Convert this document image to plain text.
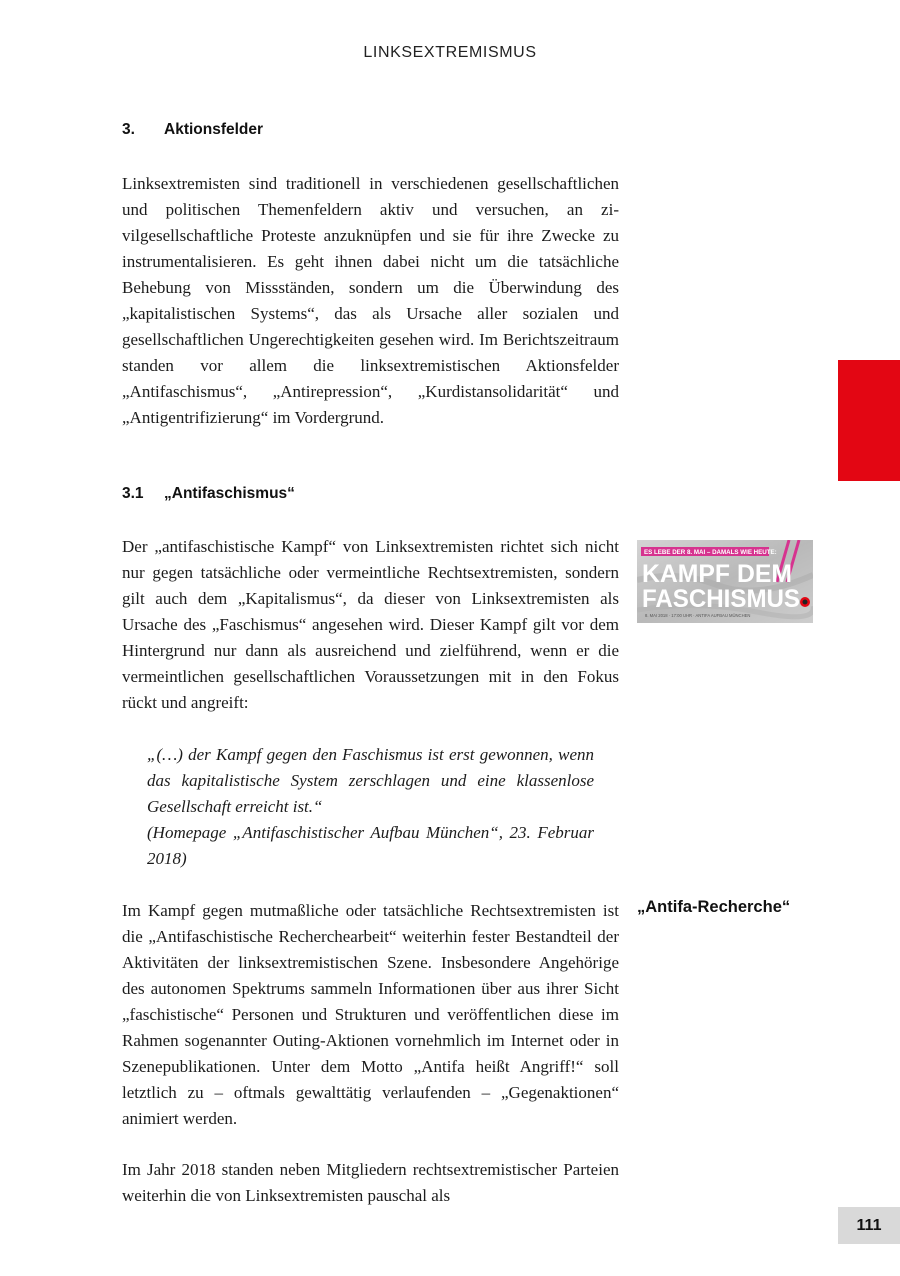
LINKSEXTREMISMUS
3. Aktionsfelder

Linksextremisten sind traditionell in verschiedenen gesellschaftlichen und politischen Themenfeldern aktiv und versuchen, an zivilgesellschaftliche Proteste anzuknüpfen und sie für ihre Zwecke zu instrumentalisieren. Es geht ihnen dabei nicht um die tatsächliche Behebung von Missständen, sondern um die Überwindung des „kapitalistischen Systems“, das als Ursache aller sozialen und gesellschaftlichen Ungerechtigkeiten gesehen wird. Im Berichtszeitraum standen vor allem die linksextremistischen Aktionsfelder „Antifaschismus“, „Antirepression“, „Kurdistansolidarität“ und „Antigentrifizierung“ im Vordergrund.

3.1 „Antifaschismus“

Der „antifaschistische Kampf“ von Linksextremisten richtet sich nicht nur gegen tatsächliche oder vermeintliche Rechtsextremisten, sondern gilt auch dem „Kapitalismus“, da dieser von Linksextremisten als Ursache des „Faschismus“ angesehen wird. Dieser Kampf gilt vor dem Hintergrund nur dann als ausreichend und zielführend, wenn er die vermeintlichen gesellschaftlichen Voraussetzungen mit in den Fokus rückt und angreift:

ES LEBE DER 8. MAI – DAMALS WIE HEUTE:
KAMPF DEM
FASCHISMUS
8. MAI 2018 · 17:00 UHR · ANTIFA AUFBAU MÜNCHEN
„(…) der Kampf gegen den Faschismus ist erst gewonnen, wenn das kapitalistische System zerschlagen und eine klassenlose Gesellschaft erreicht ist.“
(Homepage „Antifaschistischer Aufbau München“, 23. Februar 2018)
„Antifa-Recherche“

Im Kampf gegen mutmaßliche oder tatsächliche Rechtsextremisten ist die „Antifaschistische Recherchearbeit“ weiterhin fester Bestandteil der Aktivitäten der linksextremistischen Szene. Insbesondere Angehörige des autonomen Spektrums sammeln Informationen über aus ihrer Sicht „faschistische“ Personen und Strukturen und veröffentlichen diese im Rahmen sogenannter Outing-Aktionen vornehmlich im Internet oder in Szenepublikationen. Unter dem Motto „Antifa heißt Angriff!“ soll letztlich zu – oftmals gewalttätig verlaufenden – „Gegenaktionen“ animiert werden.

Im Jahr 2018 standen neben Mitgliedern rechtsextremistischer Parteien weiterhin die von Linksextremisten pauschal als

111
